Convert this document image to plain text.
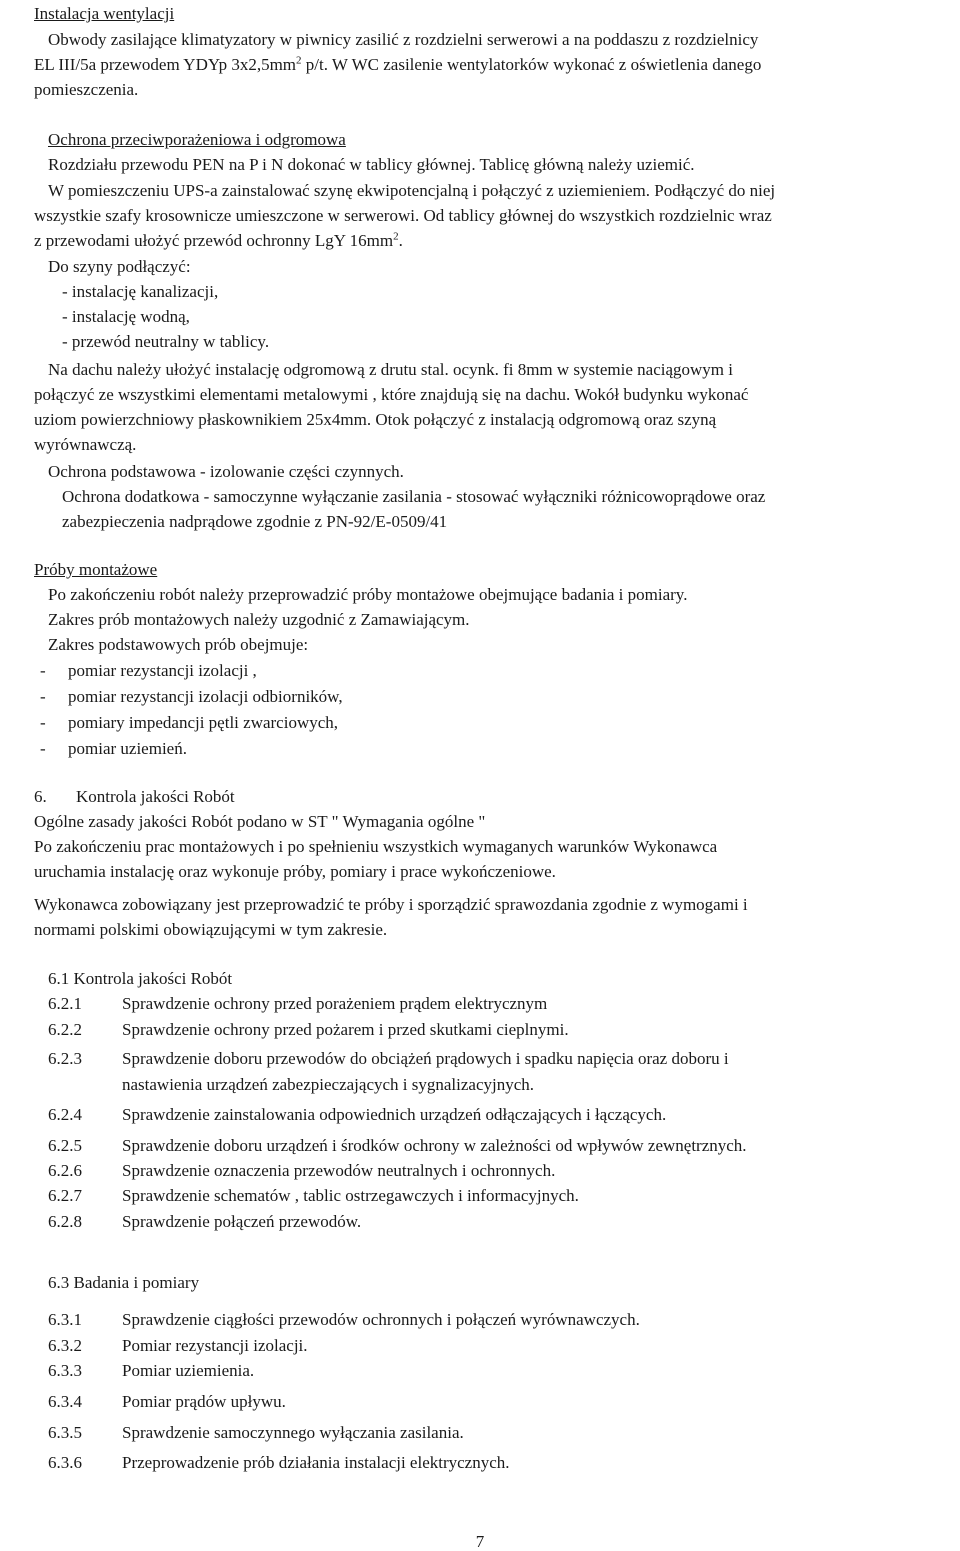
Instalacja wentylacji
Obwody zasilające klimatyzatory w piwnicy zasilić z rozdzielni serwerowi a na poddaszu z rozdzielnicy
EL III/5a przewodem YDYp $3x2,5mm^2$ p/t. W WC zasilenie wentylatorków wykonać z oświetlenia danego
pomieszczenia.
Ochrona przeciwporażeniowa i odgromowa
Rozdziału przewodu PEN na P i N dokonać w tablicy głównej. Tablicę główną należy uziemić.
W pomieszczeniu UPS-a zainstalować szynę ekwipotencjalną i połączyć z uziemieniem. Podłączyć do niej
wszystkie szafy krosownicze umieszczone w serwerowi. Od tablicy głównej do wszystkich rozdzielnic wraz
z przewodami ułożyć przewód ochronny LgY $16mm^2$.
Do szyny podłączyć:
- instalację kanalizacji,
- instalację wodną,
- przewód neutralny w tablicy.
Na dachu należy ułożyć instalację odgromową z drutu stal. ocynk. fi 8mm w systemie naciągowym i
połączyć ze wszystkimi elementami metalowymi , które znajdują się na dachu. Wokół budynku wykonać
uziom powierzchniowy płaskownikiem 25x4mm. Otok połączyć z instalacją odgromową oraz szyną
wyrównawczą.
Ochrona podstawowa - izolowanie części czynnych.
Ochrona dodatkowa - samoczynne wyłączanie zasilania - stosować wyłączniki różnicowoprądowe oraz
zabezpieczenia nadprądowe zgodnie z PN-92/E-0509/41
Próby montażowe
Po zakończeniu robót należy przeprowadzić próby montażowe obejmujące badania i pomiary.
Zakres prób montażowych należy uzgodnić z Zamawiającym.
Zakres podstawowych prób obejmuje:
- pomiar rezystancji izolacji ,
- pomiar rezystancji izolacji odbiorników,
- pomiary impedancji pętli zwarciowych,
- pomiar uziemień.
6. Kontrola jakości Robót
Ogólne zasady jakości Robót podano w ST " Wymagania ogólne "
Po zakończeniu prac montażowych i po spełnieniu wszystkich wymaganych warunków Wykonawca
uruchamia instalację oraz wykonuje próby, pomiary i prace wykończeniowe.
Wykonawca zobowiązany jest przeprowadzić te próby i sporządzić sprawozdania zgodnie z wymogami i
normami polskimi obowiązującymi w tym zakresie.
6.1 Kontrola jakości Robót
6.2.1 Sprawdzenie ochrony przed porażeniem prądem elektrycznym
6.2.2 Sprawdzenie ochrony przed pożarem i przed skutkami cieplnymi.
6.2.3 Sprawdzenie doboru przewodów do obciążeń prądowych i spadku napięcia oraz doboru i
nastawienia urządzeń zabezpieczających i sygnalizacyjnych.
6.2.4 Sprawdzenie zainstalowania odpowiednich urządzeń odłączających i łączących.
6.2.5 Sprawdzenie doboru urządzeń i środków ochrony w zależności od wpływów zewnętrznych.
6.2.6 Sprawdzenie oznaczenia przewodów neutralnych i ochronnych.
6.2.7 Sprawdzenie schematów , tablic ostrzegawczych i informacyjnych.
6.2.8 Sprawdzenie połączeń przewodów.
6.3 Badania i pomiary
6.3.1 Sprawdzenie ciągłości przewodów ochronnych i połączeń wyrównawczych.
6.3.2 Pomiar rezystancji izolacji.
6.3.3 Pomiar uziemienia.
6.3.4 Pomiar prądów upływu.
6.3.5 Sprawdzenie samoczynnego wyłączania zasilania.
6.3.6 Przeprowadzenie prób działania instalacji elektrycznych.
7
